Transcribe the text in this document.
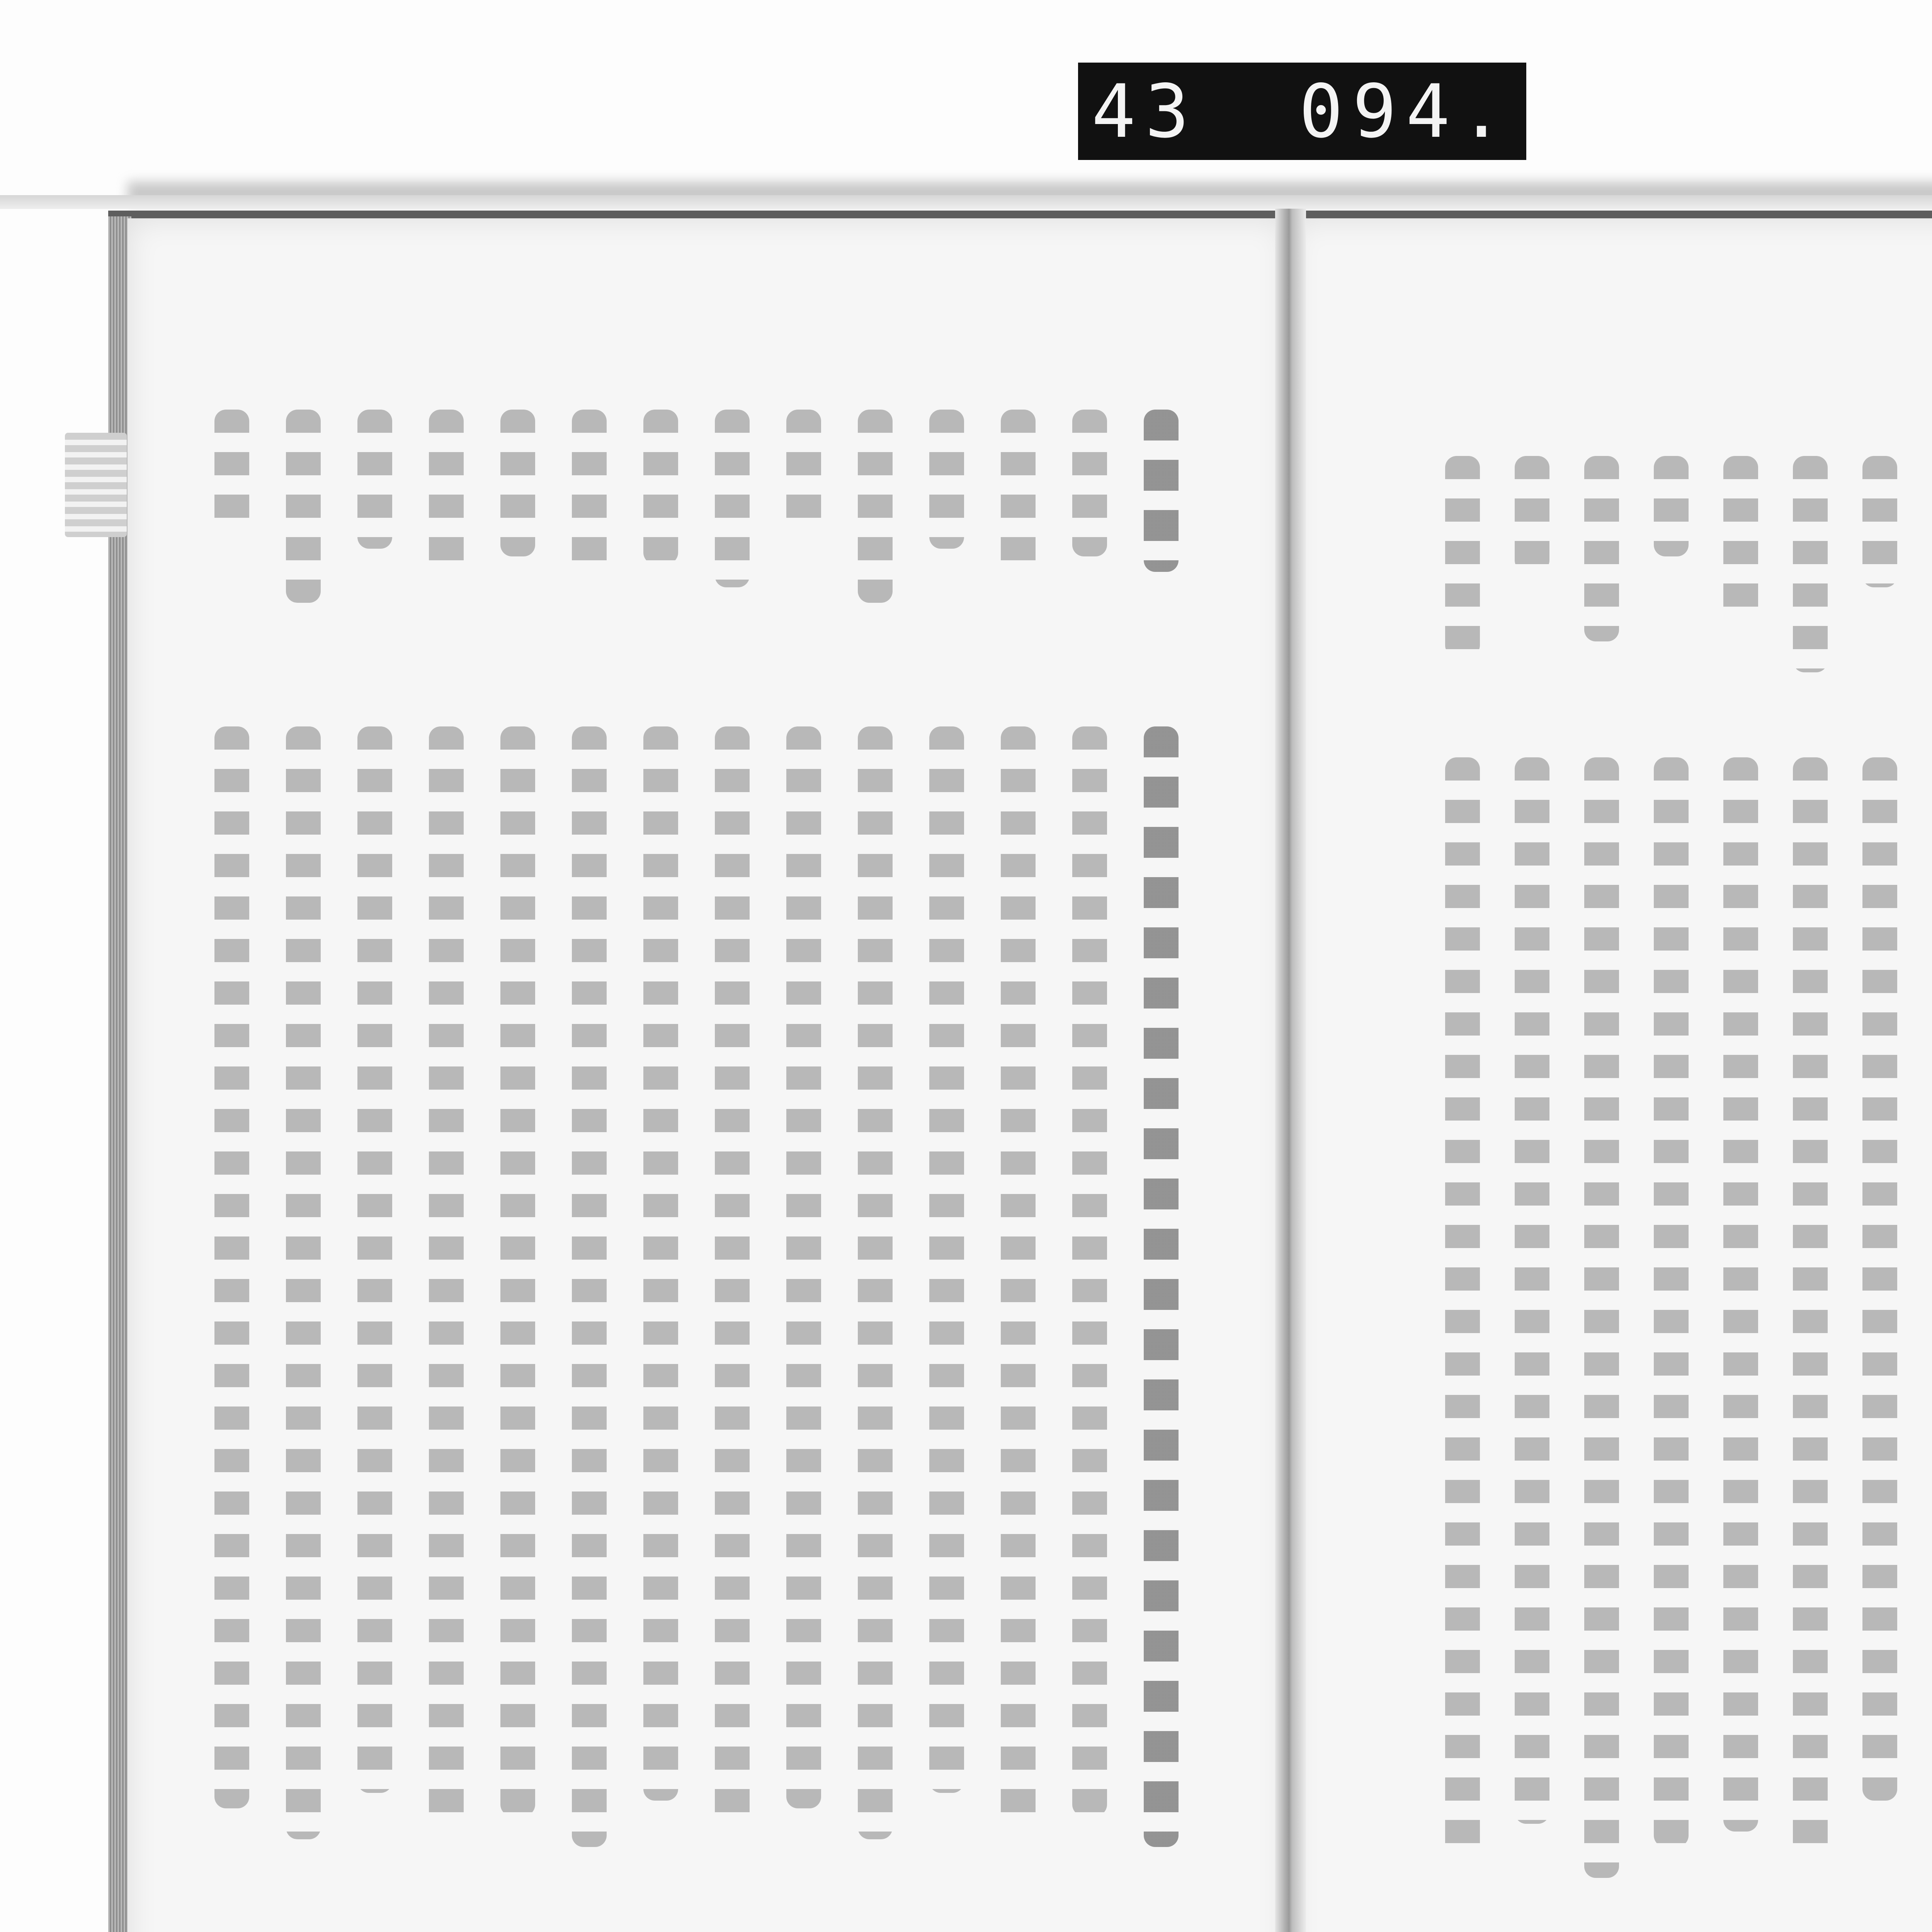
43 094.
